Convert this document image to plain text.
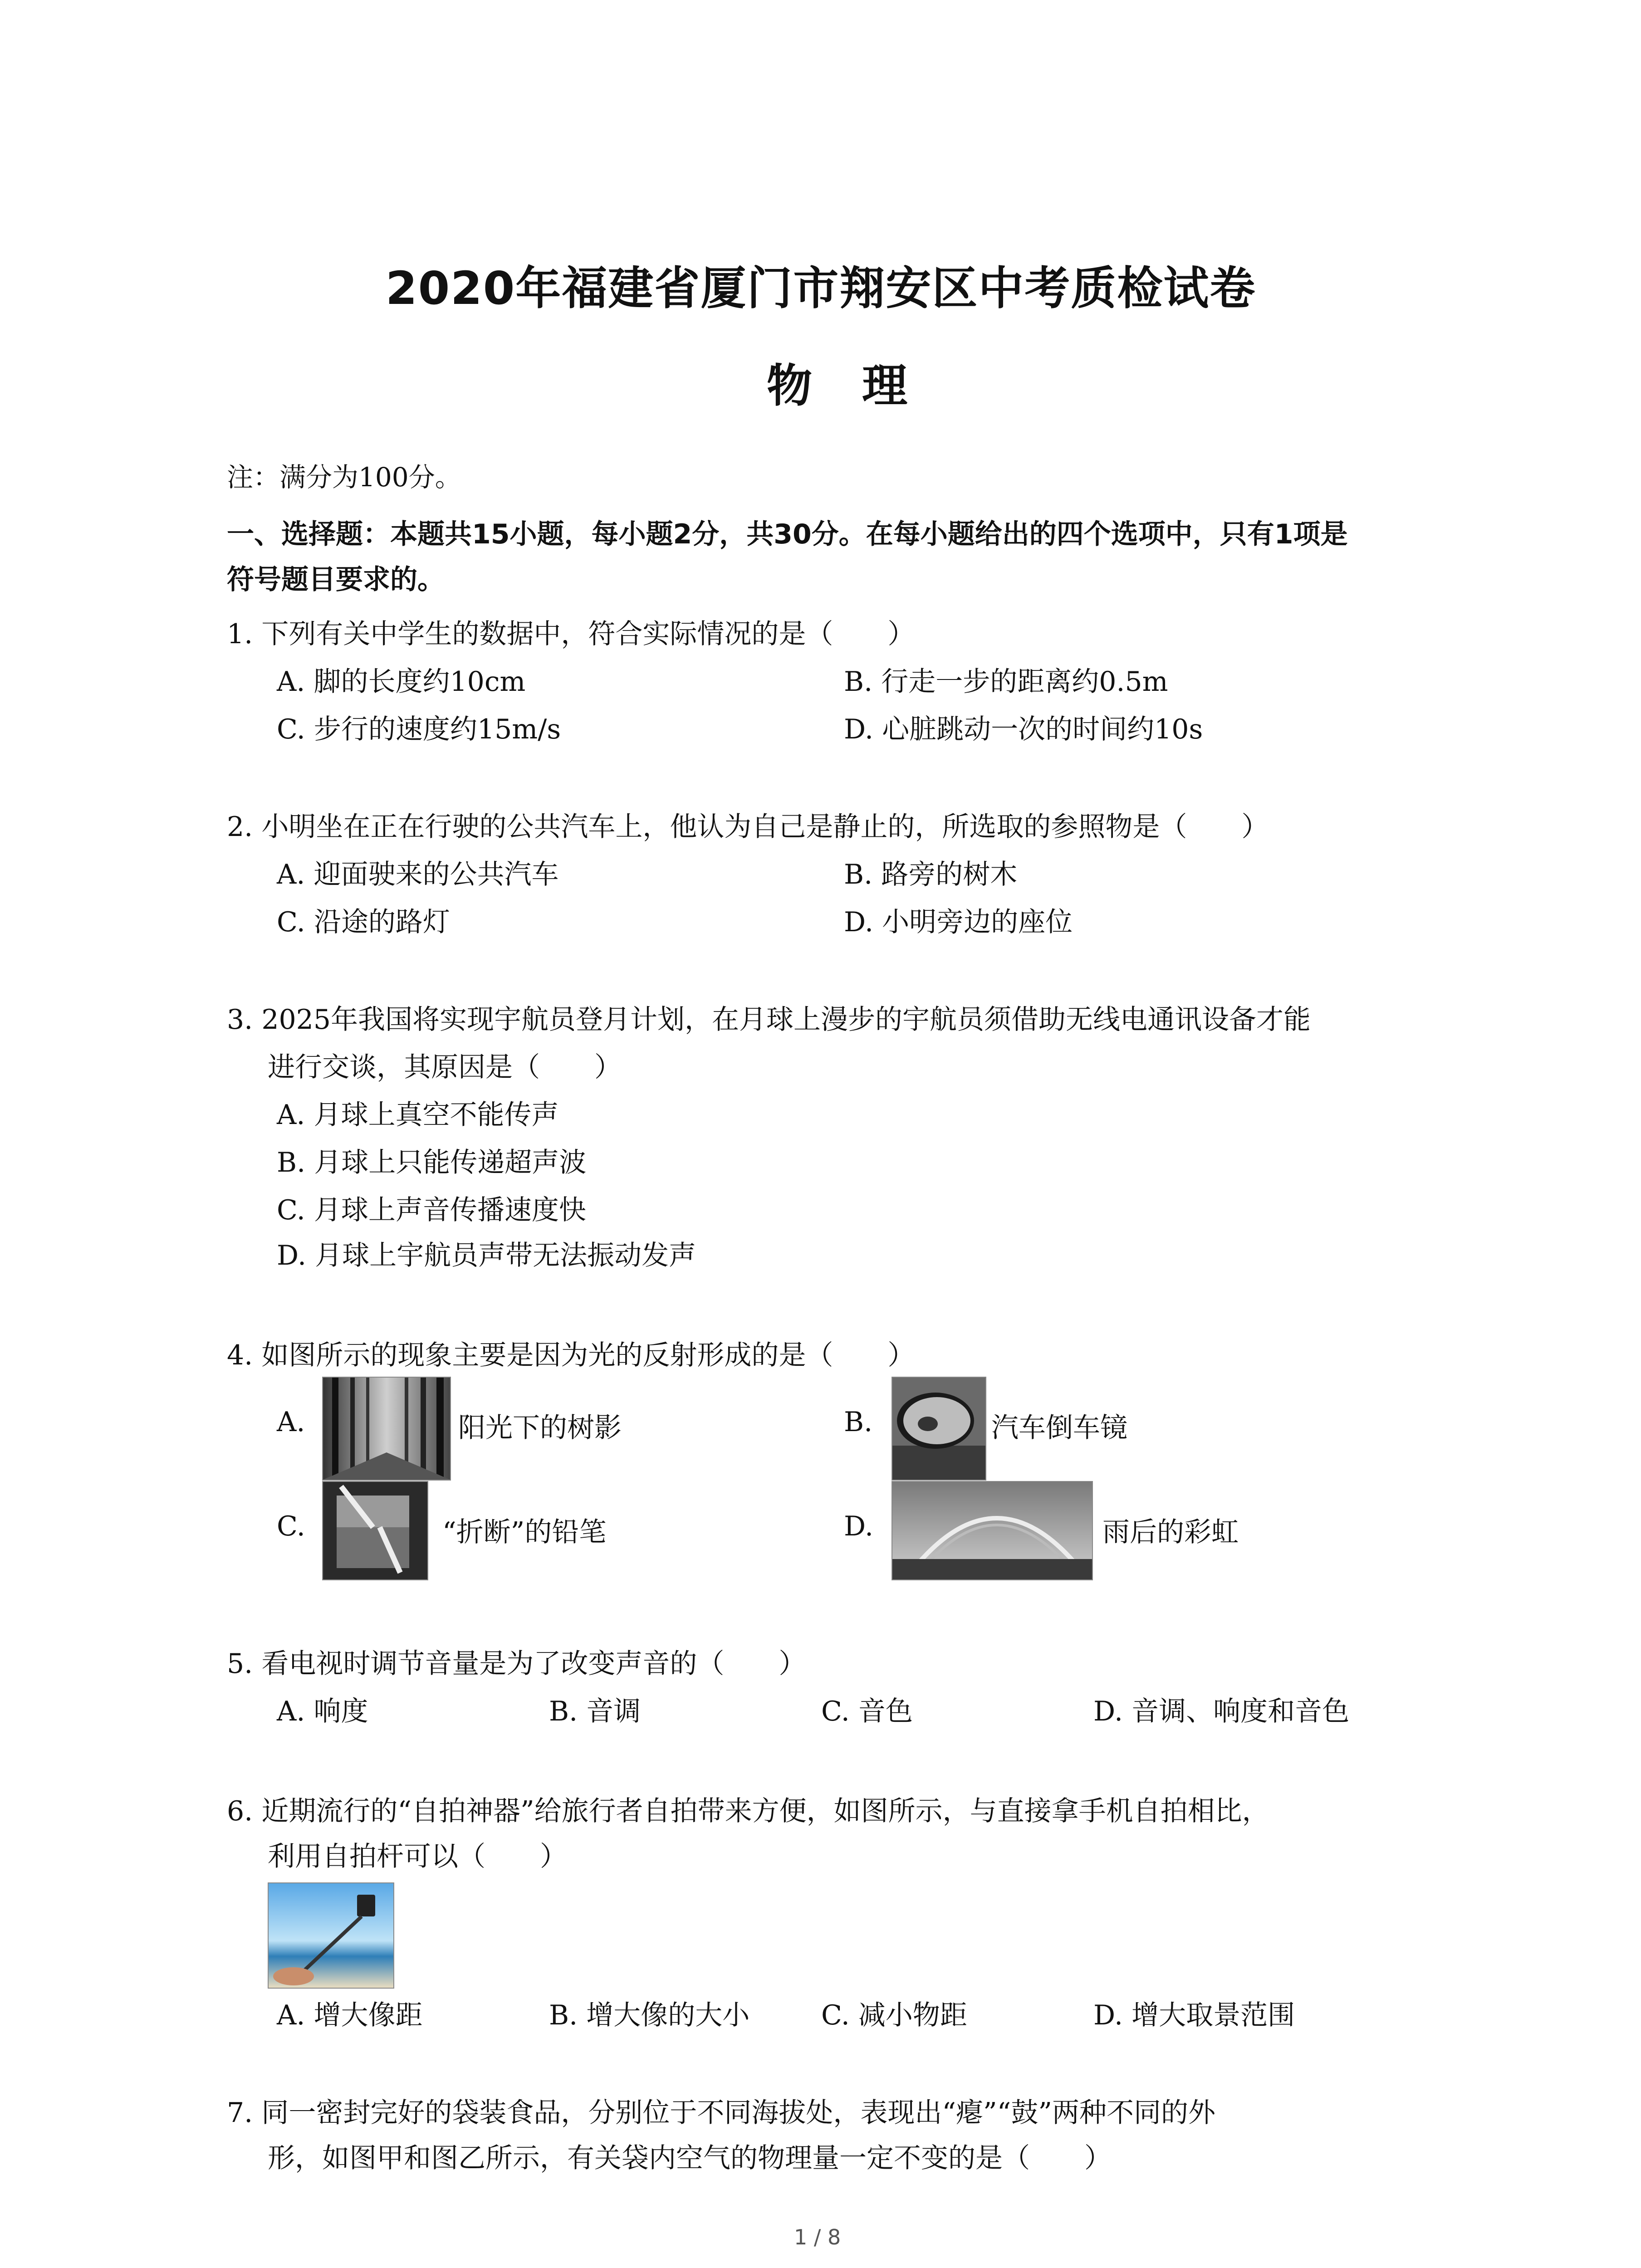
2020年福建省厦门市翔安区中考质检试卷
物理
注：满分为100分。
一、选择题：本题共15小题，每小题2分，共30分。在每小题给出的四个选项中，只有1项是
符号题目要求的。
1. 下列有关中学生的数据中，符合实际情况的是（　　）
A. 脚的长度约10cm	B. 行走一步的距离约0.5m
C. 步行的速度约15m/s	D. 心脏跳动一次的时间约10s
2. 小明坐在正在行驶的公共汽车上，他认为自己是静止的，所选取的参照物是（　　）
A. 迎面驶来的公共汽车	B. 路旁的树木
C. 沿途的路灯	D. 小明旁边的座位
3. 2025年我国将实现宇航员登月计划，在月球上漫步的宇航员须借助无线电通讯设备才能
进行交谈，其原因是（　　）
A. 月球上真空不能传声
B. 月球上只能传递超声波
C. 月球上声音传播速度快
D. 月球上宇航员声带无法振动发声
4. 如图所示的现象主要是因为光的反射形成的是（　　）
A.	阳光下的树影	B.	汽车倒车镜
C.	“折断”的铅笔	D.	雨后的彩虹
5. 看电视时调节音量是为了改变声音的（　　）
A. 响度	B. 音调	C. 音色	D. 音调、响度和音色
6. 近期流行的“自拍神器”给旅行者自拍带来方便，如图所示，与直接拿手机自拍相比，
利用自拍杆可以（　　）
A. 增大像距	B. 增大像的大小	C. 减小物距	D. 增大取景范围
7. 同一密封完好的袋装食品，分别位于不同海拔处，表现出“瘪”“鼓”两种不同的外
形，如图甲和图乙所示，有关袋内空气的物理量一定不变的是（　　）
1 / 8
